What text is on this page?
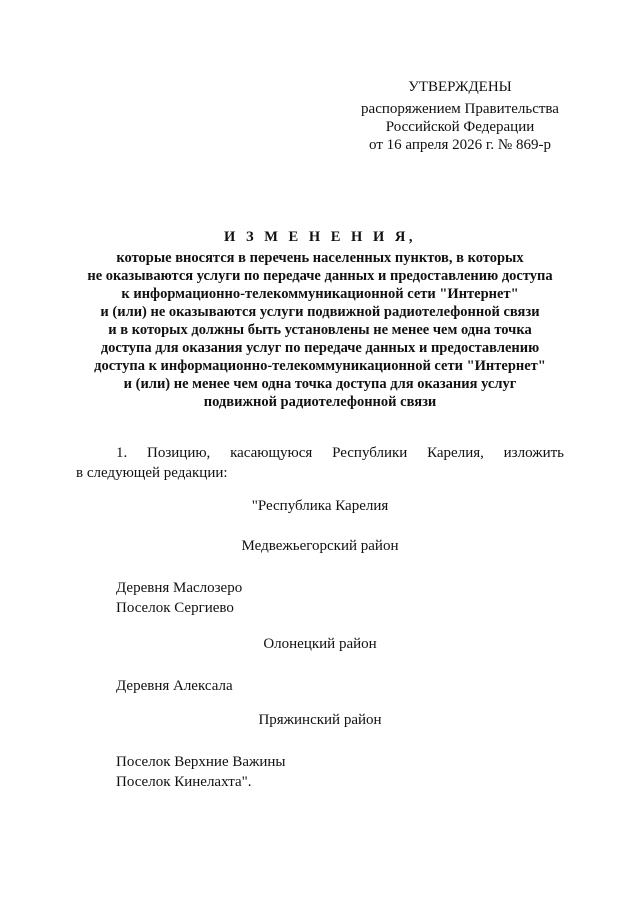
УТВЕРЖДЕНЫ
распоряжением Правительства
Российской Федерации
от 16 апреля 2026 г. № 869-р
И З М Е Н Е Н И Я,
которые вносятся в перечень населенных пунктов, в которых
не оказываются услуги по передаче данных и предоставлению доступа
к информационно-телекоммуникационной сети "Интернет"
и (или) не оказываются услуги подвижной радиотелефонной связи
и в которых должны быть установлены не менее чем одна точка
доступа для оказания услуг по передаче данных и предоставлению
доступа к информационно-телекоммуникационной сети "Интернет"
и (или) не менее чем одна точка доступа для оказания услуг
подвижной радиотелефонной связи
1. Позицию, касающуюся Республики Карелия, изложить
в следующей редакции:
"Республика Карелия
Медвежьегорский район
Деревня Маслозеро
Поселок Сергиево
Олонецкий район
Деревня Алексала
Пряжинский район
Поселок Верхние Важины
Поселок Кинелахта".
